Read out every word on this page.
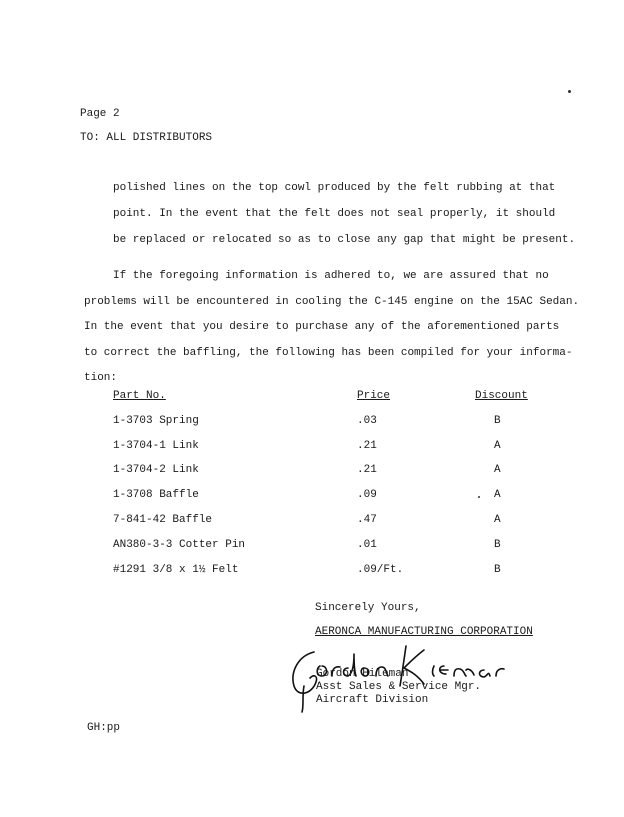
Page 2
TO: ALL DISTRIBUTORS
polished lines on the top cowl produced by the felt rubbing at that
point. In the event that the felt does not seal properly, it should
be replaced or relocated so as to close any gap that might be present.
If the foregoing information is adhered to, we are assured that no
problems will be encountered in cooling the C-145 engine on the 15AC Sedan.
In the event that you desire to purchase any of the aforementioned parts
to correct the baffling, the following has been compiled for your informa-
tion:
Part No.	Price	Discount
1-3703 Spring	.03	B
1-3704-1 Link	.21	A
1-3704-2 Link	.21	A
1-3708 Baffle	.09	A
7-841-42 Baffle	.47	A
AN380-3-3 Cotter Pin	.01	B
#1291 3/8 x 1½ Felt	.09/Ft.	B
Sincerely Yours,
AERONCA MANUFACTURING CORPORATION
Gordon Hileman
Asst Sales & Service Mgr.
Aircraft Division
GH:pp
